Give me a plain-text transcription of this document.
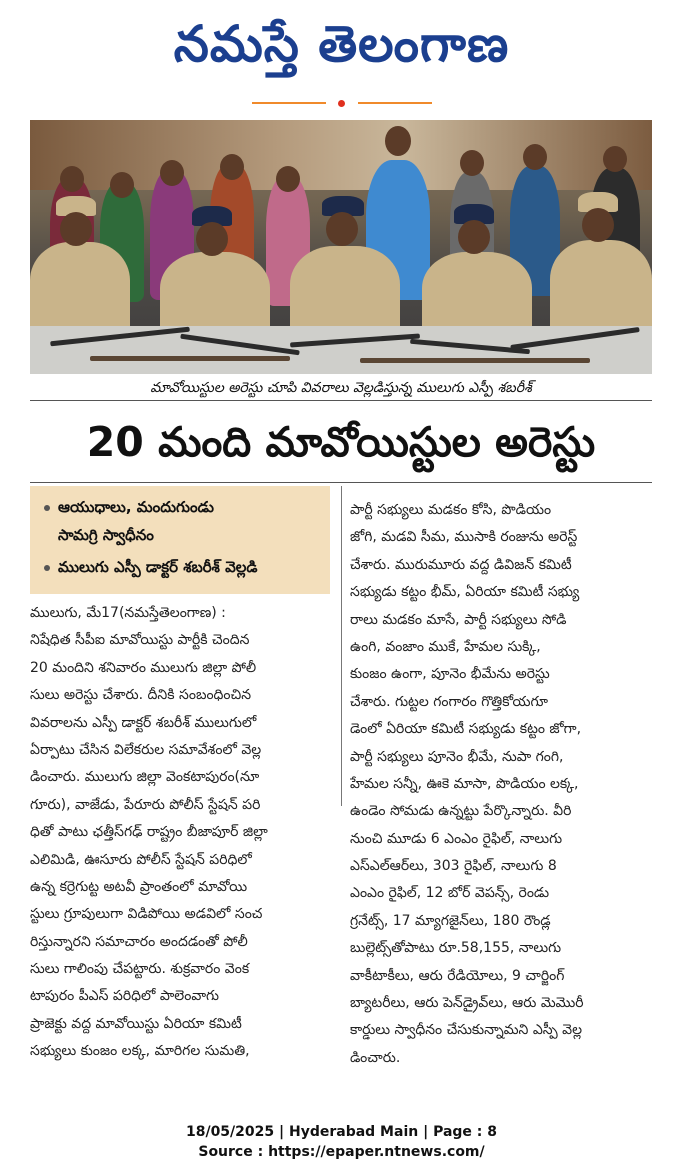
నమస్తే తెలంగాణ
మావోయిస్టుల అరెస్టు చూపి వివరాలు వెల్లడిస్తున్న ములుగు ఎస్పీ శబరీశ్
20 మంది మావోయిస్టుల అరెస్టు
ఆయుధాలు, మందుగుండు
సామగ్రి స్వాధీనం
ములుగు ఎస్పీ డాక్టర్ శబరీశ్ వెల్లడి
ములుగు, మే17(నమస్తేతెలంగాణ) :
నిషేధిత సీపీఐ మావోయిస్టు పార్టీకి చెందిన
20 మందిని శనివారం ములుగు జిల్లా పోలీ
సులు అరెస్టు చేశారు. దీనికి సంబంధించిన
వివరాలను ఎస్పీ డాక్టర్ శబరీశ్ ములుగులో
ఏర్పాటు చేసిన విలేకరుల సమావేశంలో వెల్ల
డించారు. ములుగు జిల్లా వెంకటాపురం(నూ
గూరు), వాజేడు, పేరూరు పోలీస్ స్టేషన్ పరి
ధితో పాటు ఛత్తీస్‌గఢ్ రాష్ట్రం బీజాపూర్ జిల్లా
ఎలిమిడి, ఊసూరు పోలీస్ స్టేషన్ పరిధిలో
ఉన్న కర్రెగుట్ట అటవీ ప్రాంతంలో మావోయి
స్టులు గ్రూపులుగా విడిపోయి అడవిలో సంచ
రిస్తున్నారని సమాచారం అందడంతో పోలీ
సులు గాలింపు చేపట్టారు. శుక్రవారం వెంక
టాపురం పీఎస్ పరిధిలో పాలెంవాగు
ప్రాజెక్టు వద్ద మావోయిస్టు ఏరియా కమిటీ
సభ్యులు కుంజం లక్క, మారిగల సుమతి,
పార్టీ సభ్యులు మడకం కోసి, పొడియం
జోగి, మడవి సీమ, ముసాకి రంజును అరెస్ట్
చేశారు. మురుమూరు వద్ద డివిజన్ కమిటీ
సభ్యుడు కట్టం భీమ్, ఏరియా కమిటీ సభ్యు
రాలు మడకం మాసే, పార్టీ సభ్యులు సోడి
ఉంగి, వంజాం ముకే, హేమల సుక్కి,
కుంజం ఉంగా, పూనెం భీమేను అరెస్టు
చేశారు. గుట్టల గంగారం గొత్తికోయగూ
డెంలో ఏరియా కమిటీ సభ్యుడు కట్టం జోగా,
పార్టీ సభ్యులు పూనెం భీమే, నుపా గంగి,
హేమల సన్నీ, ఊకె మాసా, పొడియం లక్క,
ఉండెం సోమడు ఉన్నట్టు పేర్కొన్నారు. వీరి
నుంచి మూడు 6 ఎంఎం రైఫిల్, నాలుగు
ఎస్ఎల్ఆర్‌లు, 303 రైఫిల్, నాలుగు 8
ఎంఎం రైఫిల్, 12 బోర్ వెపన్స్, రెండు
గ్రనేట్స్, 17 మ్యాగజైన్‌లు, 180 రౌండ్ల
బుల్లెట్స్‌తోపాటు రూ.58,155, నాలుగు
వాకీటాకీలు, ఆరు రేడియోలు, 9 చార్జింగ్
బ్యాటరీలు, ఆరు పెన్‌డ్రైవ్‌లు, ఆరు మెమొరీ
కార్డులు స్వాధీనం చేసుకున్నామని ఎస్పీ వెల్ల
డించారు.
18/05/2025 | Hyderabad Main | Page : 8
Source : https://epaper.ntnews.com/
